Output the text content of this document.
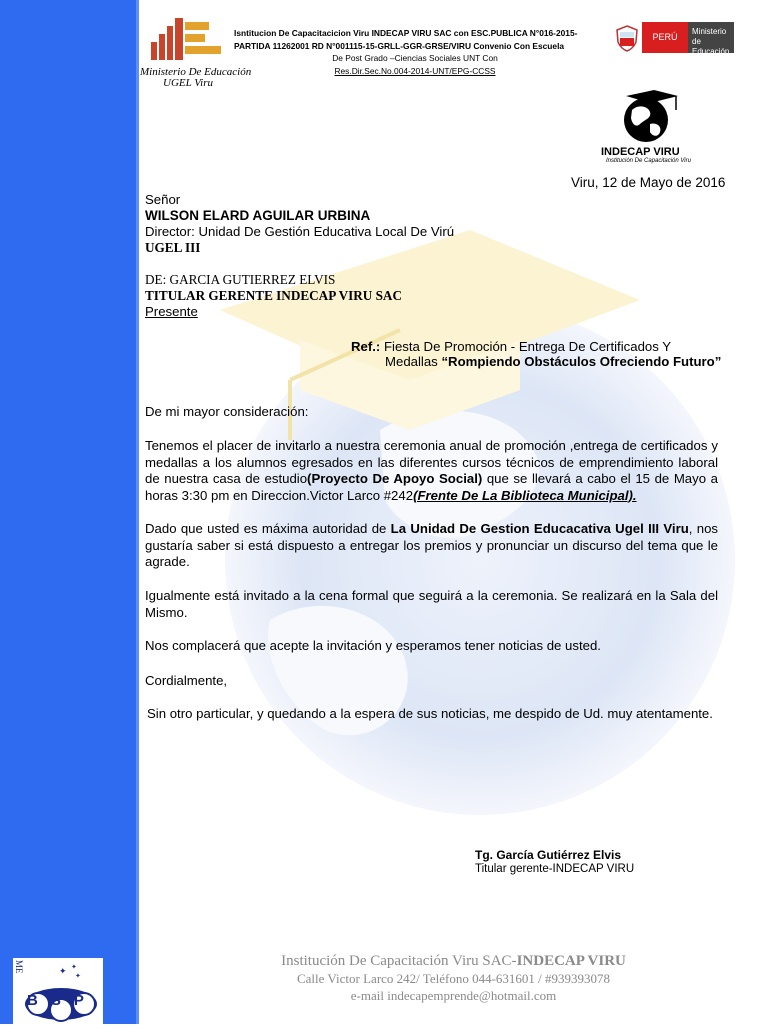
Ministerio De Educación
UGEL Viru
Isntitucion De Capacitacicion Viru INDECAP VIRU SAC con ESC.PUBLICA N°016-2015-
PARTIDA 11262001 RD N°001115-15-GRLL-GGR-GRSE/VIRU Convenio Con Escuela
De Post Grado –Ciencias Sociales UNT Con
Res.Dir.Sec.No.004-2014-UNT/EPG-CCSS
PERÚ
Ministerio
de Educación
INDECAP VIRU
Institución De Capacitación Viru
Viru, 12 de Mayo de 2016
Señor
WILSON ELARD AGUILAR URBINA
Director: Unidad De Gestión Educativa Local De Virú
UGEL III
DE: GARCIA GUTIERREZ ELVIS
TITULAR GERENTE INDECAP VIRU SAC
Presente
Ref.: Fiesta De Promoción - Entrega De Certificados Y
Medallas “Rompiendo Obstáculos Ofreciendo Futuro”
De mi mayor consideración:
Tenemos el placer de invitarlo a nuestra ceremonia anual de promoción ,entrega de certificados y medallas a los alumnos egresados en las diferentes cursos técnicos de emprendimiento laboral de nuestra casa de estudio(Proyecto De Apoyo Social) que se llevará a cabo el 15 de Mayo a horas 3:30 pm en Direccion.Victor Larco #242(Frente De La Biblioteca Municipal).
Dado que usted es máxima autoridad de La Unidad De Gestion Educacativa Ugel III Viru, nos gustaría saber si está dispuesto a entregar los premios y pronunciar un discurso del tema que le agrade.
Igualmente está invitado a la cena formal que seguirá a la ceremonia. Se realizará en la Sala del Mismo.
Nos complacerá que acepte la invitación y esperamos tener noticias de usted.
Cordialmente,
Sin otro particular, y quedando a la espera de sus noticias, me despido de Ud. muy atentamente.
Tg. García Gutiérrez Elvis
Titular gerente-INDECAP VIRU
Institución De Capacitación Viru SAC-INDECAP VIRU
Calle Victor Larco 242/ Teléfono 044-631601 / #939393078
e-mail indecapemprende@hotmail.com
ME	✦ ✦
✦
BSP
